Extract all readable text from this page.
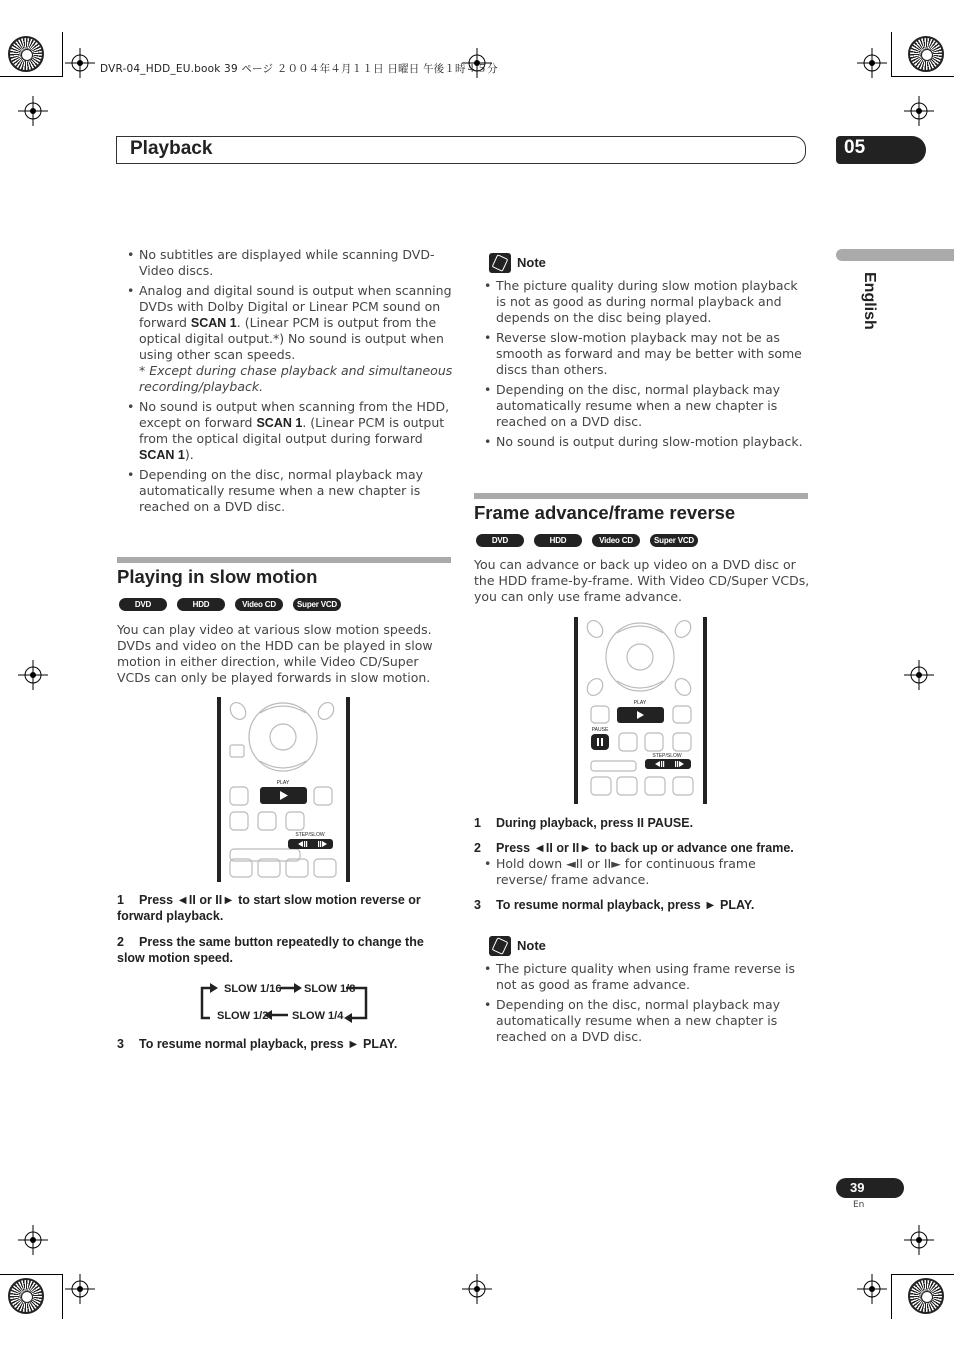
DVR-04_HDD_EU.book 39 ページ ２００４年４月１１日 日曜日 午後１時４５分
Playback	05
English
• No subtitles are displayed while scanning DVD-Video discs.
• Analog and digital sound is output when scanning DVDs with Dolby Digital or Linear PCM sound on forward SCAN 1. (Linear PCM is output from the optical digital output.*) No sound is output when using other scan speeds.
* Except during chase playback and simultaneous recording/playback.
• No sound is output when scanning from the HDD, except on forward SCAN 1. (Linear PCM is output from the optical digital output during forward SCAN 1).
• Depending on the disc, normal playback may automatically resume when a new chapter is reached on a DVD disc.
Playing in slow motion
DVD	HDD	Video CD	Super VCD
You can play video at various slow motion speeds. DVDs and video on the HDD can be played in slow motion in either direction, while Video CD/Super VCDs can only be played forwards in slow motion.
PLAY
STEP/SLOW
1 Press ◄II or II► to start slow motion reverse or forward playback.
2 Press the same button repeatedly to change the slow motion speed.
SLOW 1/16 SLOW 1/8
SLOW 1/4
SLOW 1/2
3 To resume normal playback, press ► PLAY.
Note
• The picture quality during slow motion playback is not as good as during normal playback and depends on the disc being played.
• Reverse slow-motion playback may not be as smooth as forward and may be better with some discs than others.
• Depending on the disc, normal playback may automatically resume when a new chapter is reached on a DVD disc.
• No sound is output during slow-motion playback.
Frame advance/frame reverse
DVD	HDD	Video CD	Super VCD
You can advance or back up video on a DVD disc or the HDD frame-by-frame. With Video CD/Super VCDs, you can only use frame advance.
PLAY
PAUSE
STEP/SLOW
1 During playback, press II PAUSE.
2 Press ◄II or II► to back up or advance one frame.
• Hold down ◄II or II► for continuous frame reverse/ frame advance.
3 To resume normal playback, press ► PLAY.
Note
• The picture quality when using frame reverse is not as good as frame advance.
• Depending on the disc, normal playback may automatically resume when a new chapter is reached on a DVD disc.
39
En
